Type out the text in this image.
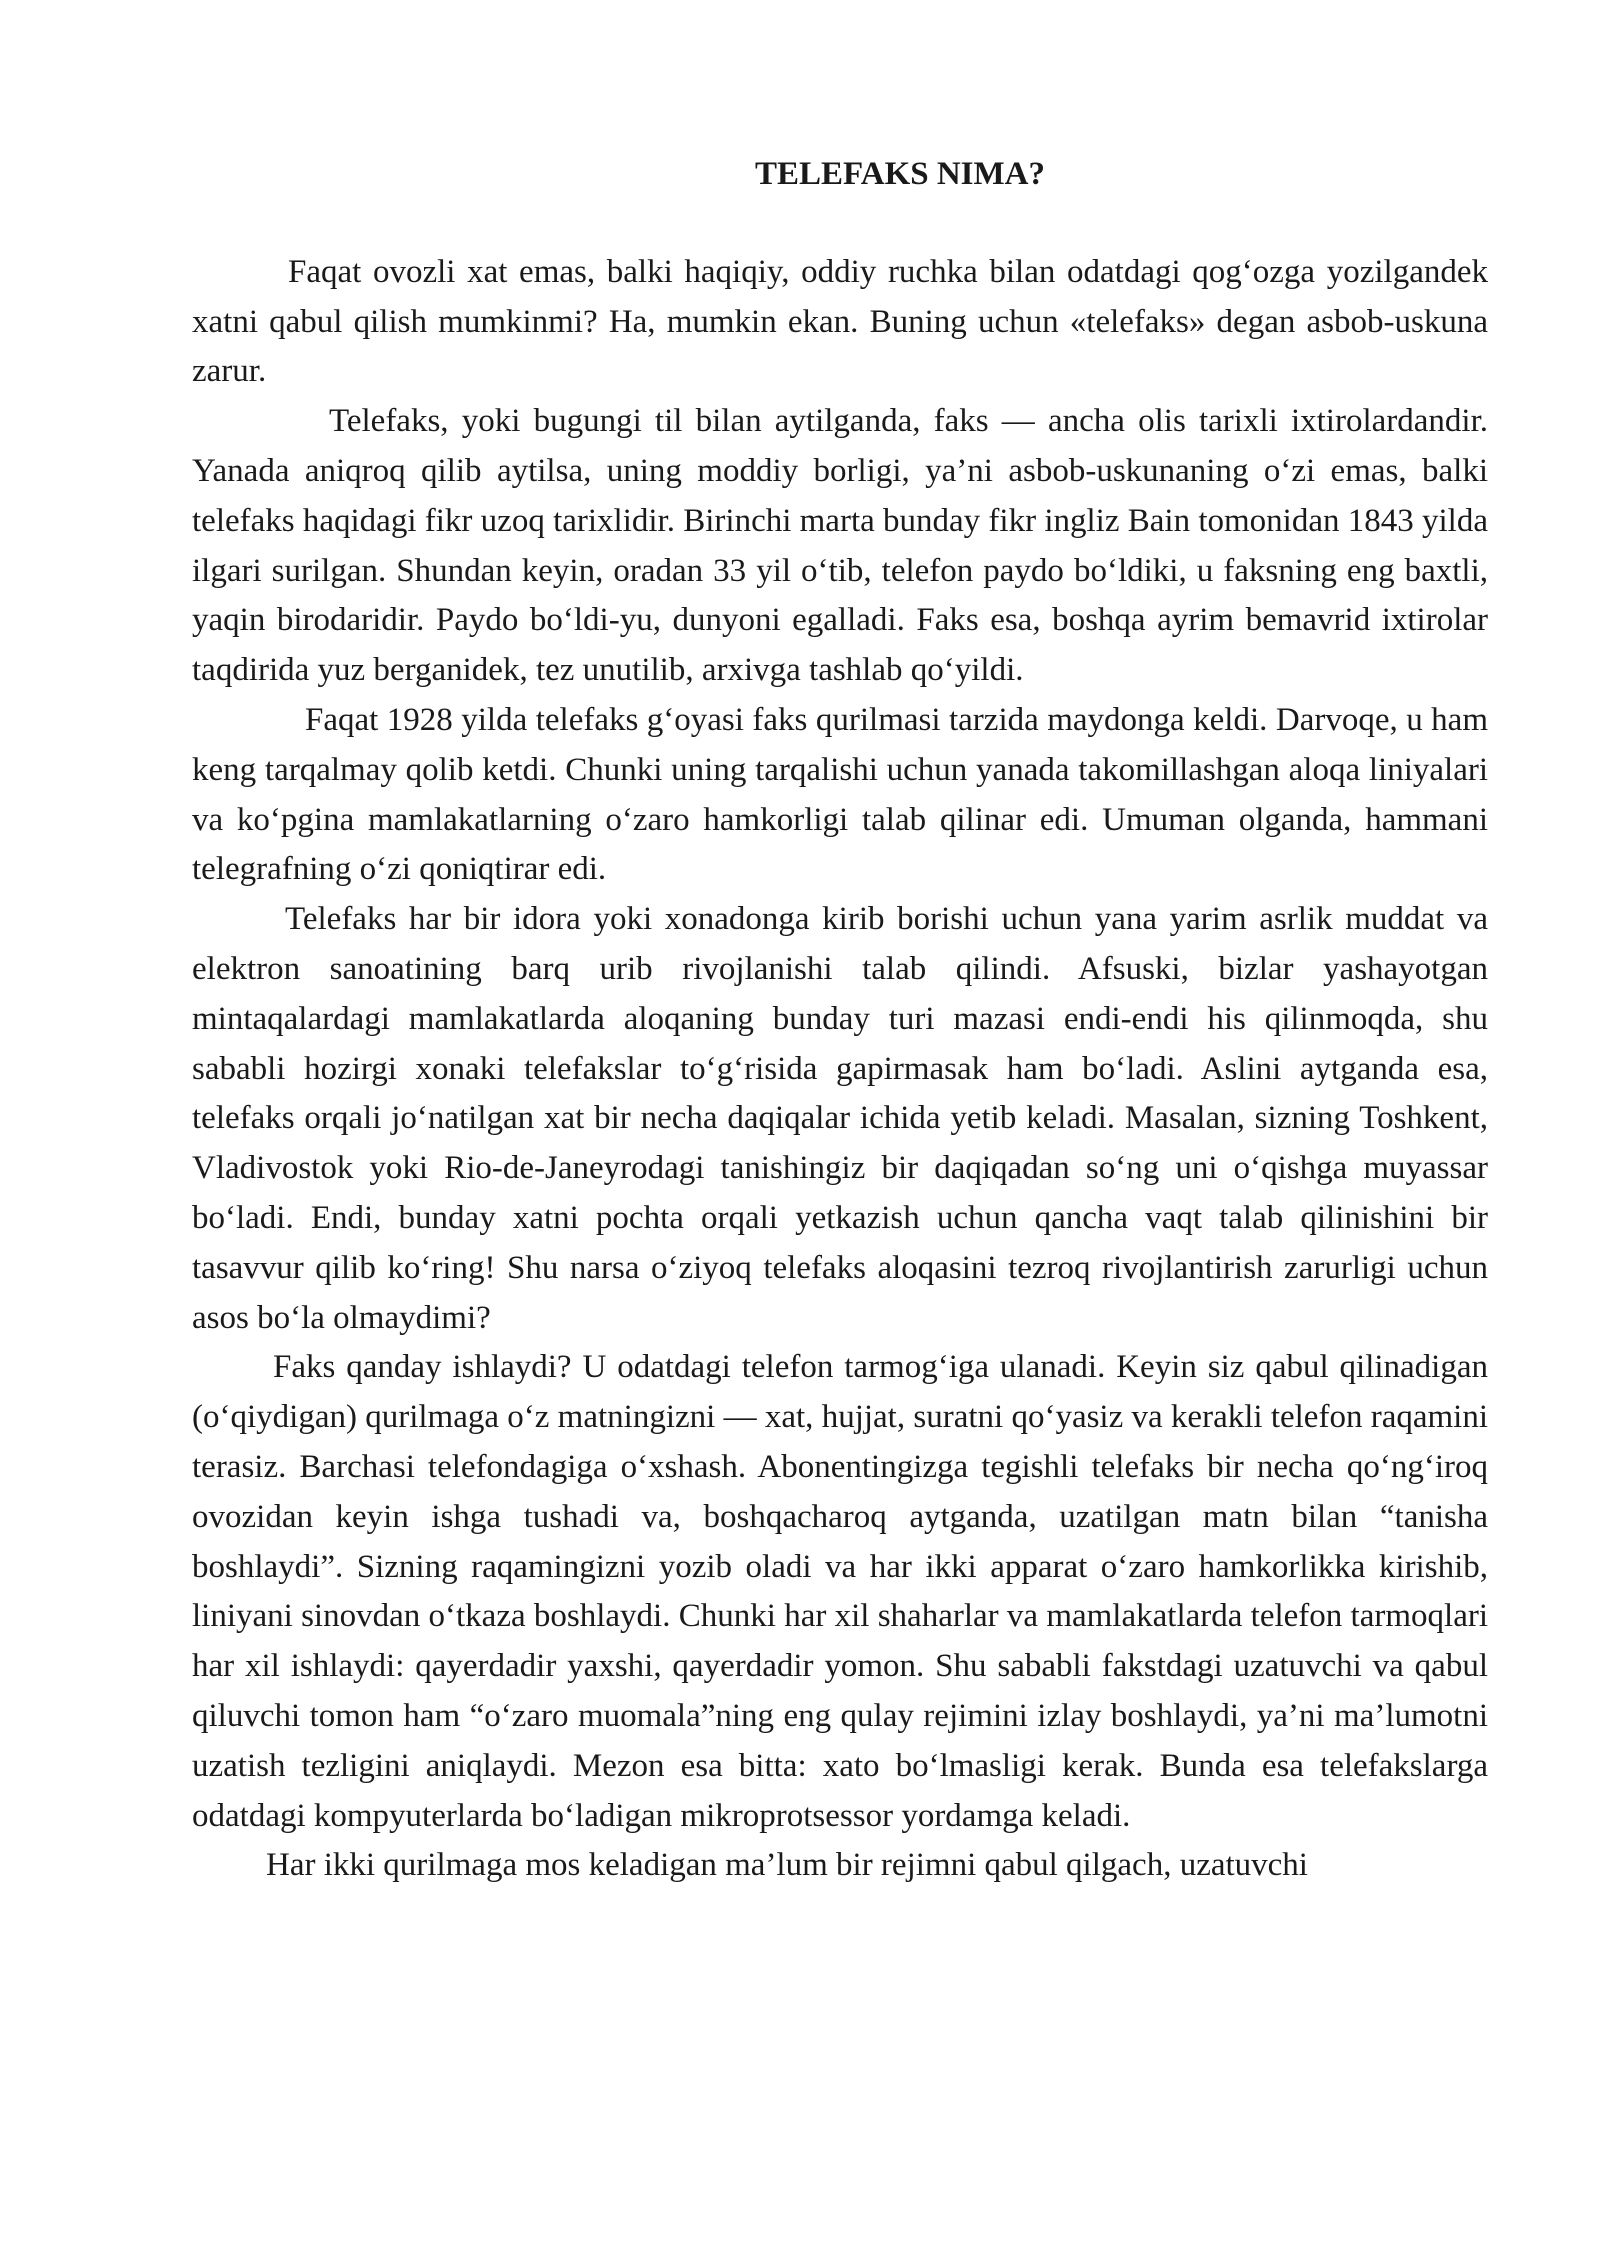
TELEFAKS NIMA?

Faqat ovozli xat emas, balki haqiqiy, oddiy ruchka bilan odatdagi qog‘ozga yozilgandek xatni qabul qilish mumkinmi? Ha, mumkin ekan. Buning uchun «telefaks» degan asbob-uskuna zarur.

Telefaks, yoki bugungi til bilan aytilganda, faks — ancha olis tarixli ixtirolardandir. Yanada aniqroq qilib aytilsa, uning moddiy borligi, ya’ni asbob-uskunaning o‘zi emas, balki telefaks haqidagi fikr uzoq tarixlidir. Birinchi marta bunday fikr ingliz Bain tomonidan 1843 yilda ilgari surilgan. Shundan keyin, oradan 33 yil o‘tib, telefon paydo bo‘ldiki, u faksning eng baxtli, yaqin birodaridir. Paydo bo‘ldi-yu, dunyoni egalladi. Faks esa, boshqa ayrim bemavrid ixtirolar taqdirida yuz berganidek, tez unutilib, arxivga tashlab qo‘yildi.

Faqat 1928 yilda telefaks g‘oyasi faks qurilmasi tarzida maydonga keldi. Darvoqe, u ham keng tarqalmay qolib ketdi. Chunki uning tarqalishi uchun yanada takomillashgan aloqa liniyalari va ko‘pgina mamlakatlarning o‘zaro hamkorligi talab qilinar edi. Umuman olganda, hammani telegrafning o‘zi qoniqtirar edi.

Telefaks har bir idora yoki xonadonga kirib borishi uchun yana yarim asrlik muddat va elektron sanoatining barq urib rivojlanishi talab qilindi. Afsuski, bizlar yashayotgan mintaqalardagi mamlakatlarda aloqaning bunday turi mazasi endi-endi his qilinmoqda, shu sababli hozirgi xonaki telefakslar to‘g‘risida gapirmasak ham bo‘ladi. Aslini aytganda esa, telefaks orqali jo‘natilgan xat bir necha daqiqalar ichida yetib keladi. Masalan, sizning Toshkent, Vladivostok yoki Rio-de-Janeyrodagi tanishingiz bir daqiqadan so‘ng uni o‘qishga muyassar bo‘ladi. Endi, bunday xatni pochta orqali yetkazish uchun qancha vaqt talab qilinishini bir tasavvur qilib ko‘ring! Shu narsa o‘ziyoq telefaks aloqasini tezroq rivojlantirish zarurligi uchun asos bo‘la olmaydimi?

Faks qanday ishlaydi? U odatdagi telefon tarmog‘iga ulanadi. Keyin siz qabul qilinadigan (o‘qiydigan) qurilmaga o‘z matningizni — xat, hujjat, suratni qo‘yasiz va kerakli telefon raqamini terasiz. Barchasi telefondagiga o‘xshash. Abonentingizga tegishli telefaks bir necha qo‘ng‘iroq ovozidan keyin ishga tushadi va, boshqacharoq aytganda, uzatilgan matn bilan “tanisha boshlaydi”. Sizning raqamingizni yozib oladi va har ikki apparat o‘zaro hamkorlikka kirishib, liniyani sinovdan o‘tkaza boshlaydi. Chunki har xil shaharlar va mamlakatlarda telefon tarmoqlari har xil ishlaydi: qayerdadir yaxshi, qayerdadir yomon. Shu sababli fakstdagi uzatuvchi va qabul qiluvchi tomon ham “o‘zaro muomala”ning eng qulay rejimini izlay boshlaydi, ya’ni ma’lumotni uzatish tezligini aniqlaydi. Mezon esa bitta: xato bo‘lmasligi kerak. Bunda esa telefakslarga odatdagi kompyuterlarda bo‘ladigan mikroprotsessor yordamga keladi.

Har ikki qurilmaga mos keladigan ma’lum bir rejimni qabul qilgach, uzatuvchi
